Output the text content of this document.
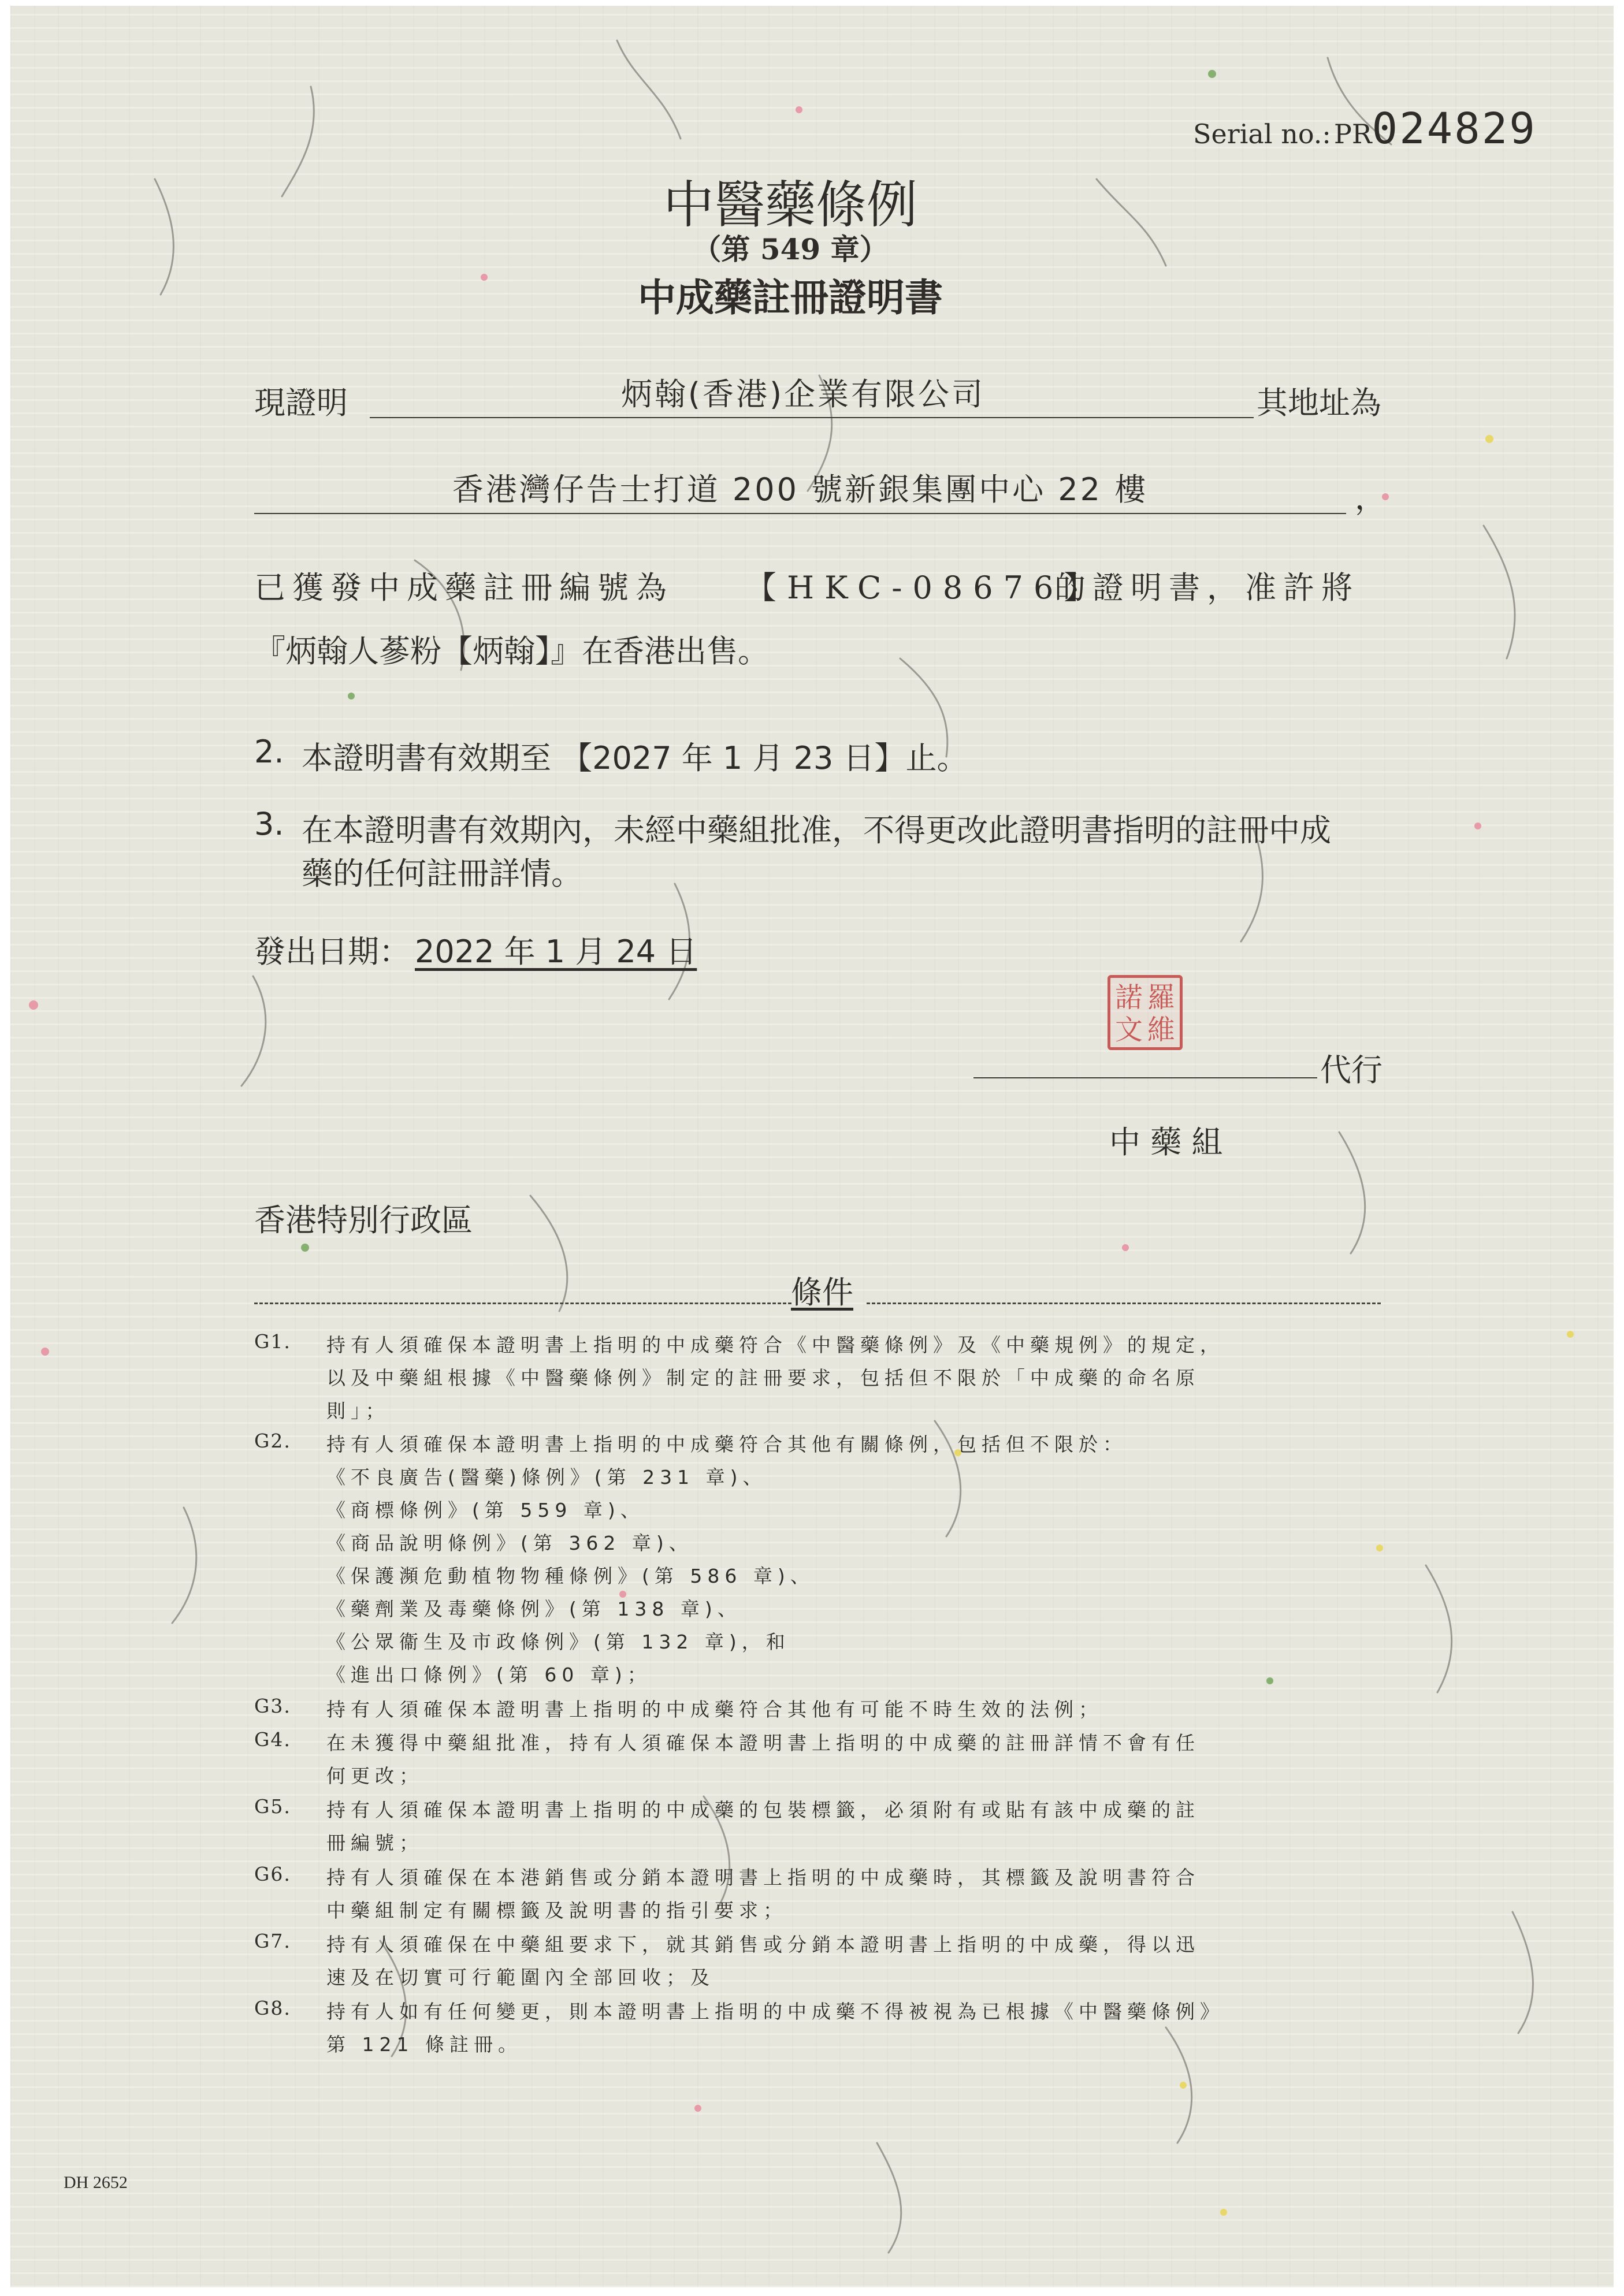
Serial no.: PR024829
中醫藥條例
（第 549 章）
中成藥註冊證明書
現證明	炳翰(香港)企業有限公司	其地址為
香港灣仔告士打道 200 號新銀集團中心 22 樓	，
已獲發中成藥註冊編號為 【HKC-08676】
的證明書，准許將
『炳翰人蔘粉【炳翰】』在香港出售。
2. 本證明書有效期至 【2027 年 1 月 23 日】止。
3. 在本證明書有效期內，未經中藥組批准，不得更改此證明書指明的註冊中成
藥的任何註冊詳情。
發出日期： 2022 年 1 月 24 日
諾 羅
文 維
代行
中 藥 組
香港特別行政區
條件
G1. 持有人須確保本證明書上指明的中成藥符合《中醫藥條例》及《中藥規例》的規定，
以及中藥組根據《中醫藥條例》制定的註冊要求，包括但不限於「中成藥的命名原
則」；
G2. 持有人須確保本證明書上指明的中成藥符合其他有關條例，包括但不限於：
《不良廣告(醫藥)條例》(第 231 章)、
《商標條例》(第 559 章)、
《商品說明條例》(第 362 章)、
《保護瀕危動植物物種條例》(第 586 章)、
《藥劑業及毒藥條例》(第 138 章)、
《公眾衞生及市政條例》(第 132 章)，和
《進出口條例》(第 60 章)；
G3. 持有人須確保本證明書上指明的中成藥符合其他有可能不時生效的法例；
G4. 在未獲得中藥組批准，持有人須確保本證明書上指明的中成藥的註冊詳情不會有任
何更改；
G5. 持有人須確保本證明書上指明的中成藥的包裝標籤，必須附有或貼有該中成藥的註
冊編號；
G6. 持有人須確保在本港銷售或分銷本證明書上指明的中成藥時，其標籤及說明書符合
中藥組制定有關標籤及說明書的指引要求；
G7. 持有人須確保在中藥組要求下，就其銷售或分銷本證明書上指明的中成藥，得以迅
速及在切實可行範圍內全部回收；及
G8. 持有人如有任何變更，則本證明書上指明的中成藥不得被視為已根據《中醫藥條例》
第 121 條註冊。
DH 2652
